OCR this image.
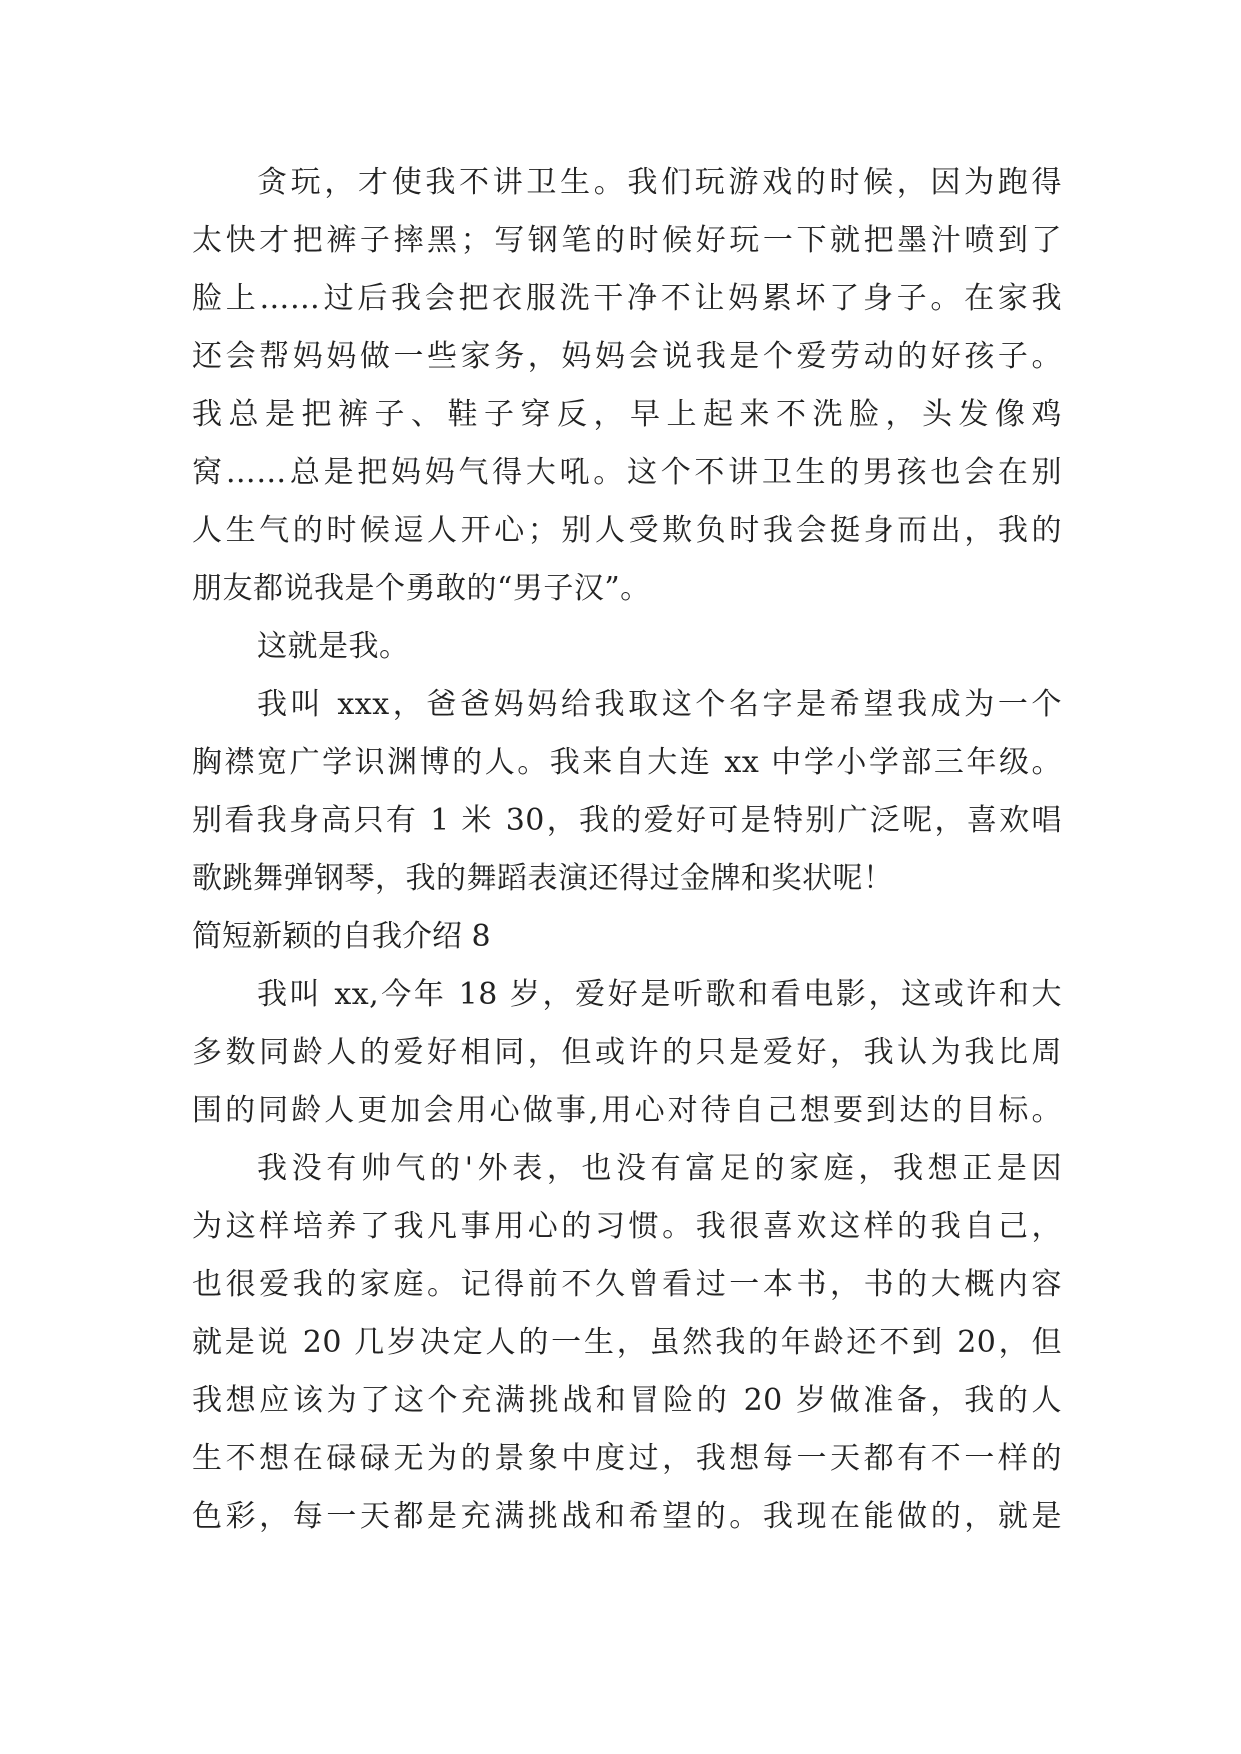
贪玩，才使我不讲卫生。我们玩游戏的时候，因为跑得
太快才把裤子摔黑；写钢笔的时候好玩一下就把墨汁喷到了
脸上……过后我会把衣服洗干净不让妈累坏了身子。在家我
还会帮妈妈做一些家务，妈妈会说我是个爱劳动的好孩子。
我总是把裤子、鞋子穿反，早上起来不洗脸，头发像鸡
窝……总是把妈妈气得大吼。这个不讲卫生的男孩也会在别
人生气的时候逗人开心；别人受欺负时我会挺身而出，我的
朋友都说我是个勇敢的“男子汉”。
这就是我。
我叫 xxx，爸爸妈妈给我取这个名字是希望我成为一个
胸襟宽广学识渊博的人。我来自大连 xx 中学小学部三年级。
别看我身高只有 1 米 30，我的爱好可是特别广泛呢，喜欢唱
歌跳舞弹钢琴，我的舞蹈表演还得过金牌和奖状呢！
简短新颖的自我介绍 8
我叫 xx,今年 18 岁，爱好是听歌和看电影，这或许和大
多数同龄人的爱好相同，但或许的只是爱好，我认为我比周
围的同龄人更加会用心做事,用心对待自己想要到达的目标。
我没有帅气的'外表，也没有富足的家庭，我想正是因
为这样培养了我凡事用心的习惯。我很喜欢这样的我自己，
也很爱我的家庭。记得前不久曾看过一本书，书的大概内容
就是说 20 几岁决定人的一生，虽然我的年龄还不到 20，但
我想应该为了这个充满挑战和冒险的 20 岁做准备，我的人
生不想在碌碌无为的景象中度过，我想每一天都有不一样的
色彩，每一天都是充满挑战和希望的。我现在能做的，就是
